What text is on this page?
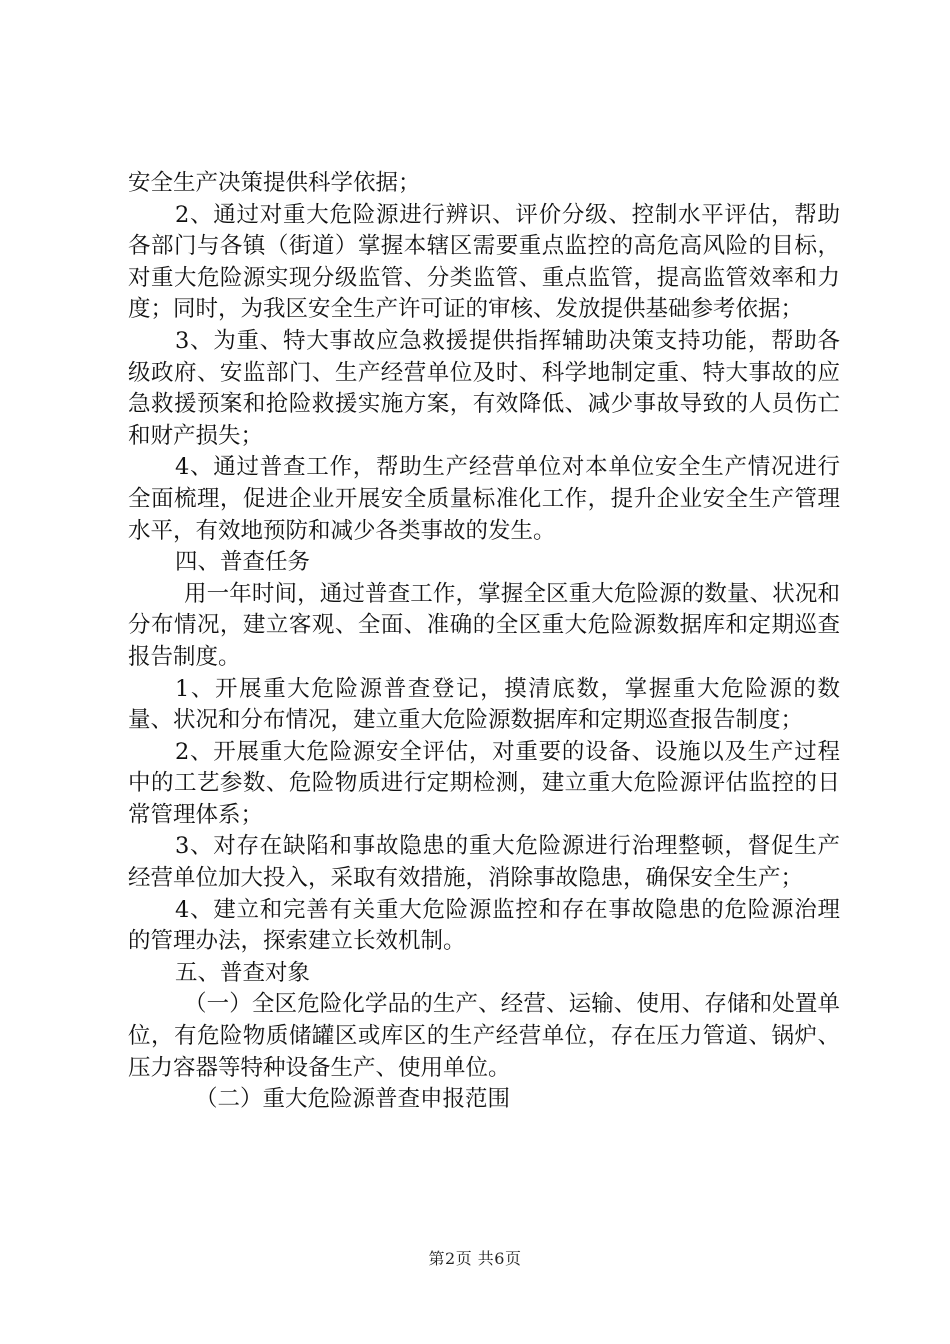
安全生产决策提供科学依据；

2、通过对重大危险源进行辨识、评价分级、控制水平评估，帮助各部门与各镇（街道）掌握本辖区需要重点监控的高危高风险的目标，对重大危险源实现分级监管、分类监管、重点监管，提高监管效率和力度；同时，为我区安全生产许可证的审核、发放提供基础参考依据；

3、为重、特大事故应急救援提供指挥辅助决策支持功能，帮助各级政府、安监部门、生产经营单位及时、科学地制定重、特大事故的应急救援预案和抢险救援实施方案，有效降低、减少事故导致的人员伤亡和财产损失；

4、通过普查工作，帮助生产经营单位对本单位安全生产情况进行全面梳理，促进企业开展安全质量标准化工作，提升企业安全生产管理水平，有效地预防和减少各类事故的发生。

四、普查任务

用一年时间，通过普查工作，掌握全区重大危险源的数量、状况和分布情况，建立客观、全面、准确的全区重大危险源数据库和定期巡查报告制度。

1、开展重大危险源普查登记，摸清底数，掌握重大危险源的数量、状况和分布情况，建立重大危险源数据库和定期巡查报告制度；

2、开展重大危险源安全评估，对重要的设备、设施以及生产过程中的工艺参数、危险物质进行定期检测，建立重大危险源评估监控的日常管理体系；

3、对存在缺陷和事故隐患的重大危险源进行治理整顿，督促生产经营单位加大投入，采取有效措施，消除事故隐患，确保安全生产；

4、建立和完善有关重大危险源监控和存在事故隐患的危险源治理的管理办法，探索建立长效机制。

五、普查对象

（一）全区危险化学品的生产、经营、运输、使用、存储和处置单位，有危险物质储罐区或库区的生产经营单位，存在压力管道、锅炉、压力容器等特种设备生产、使用单位。

（二）重大危险源普查申报范围

第2页 共6页
